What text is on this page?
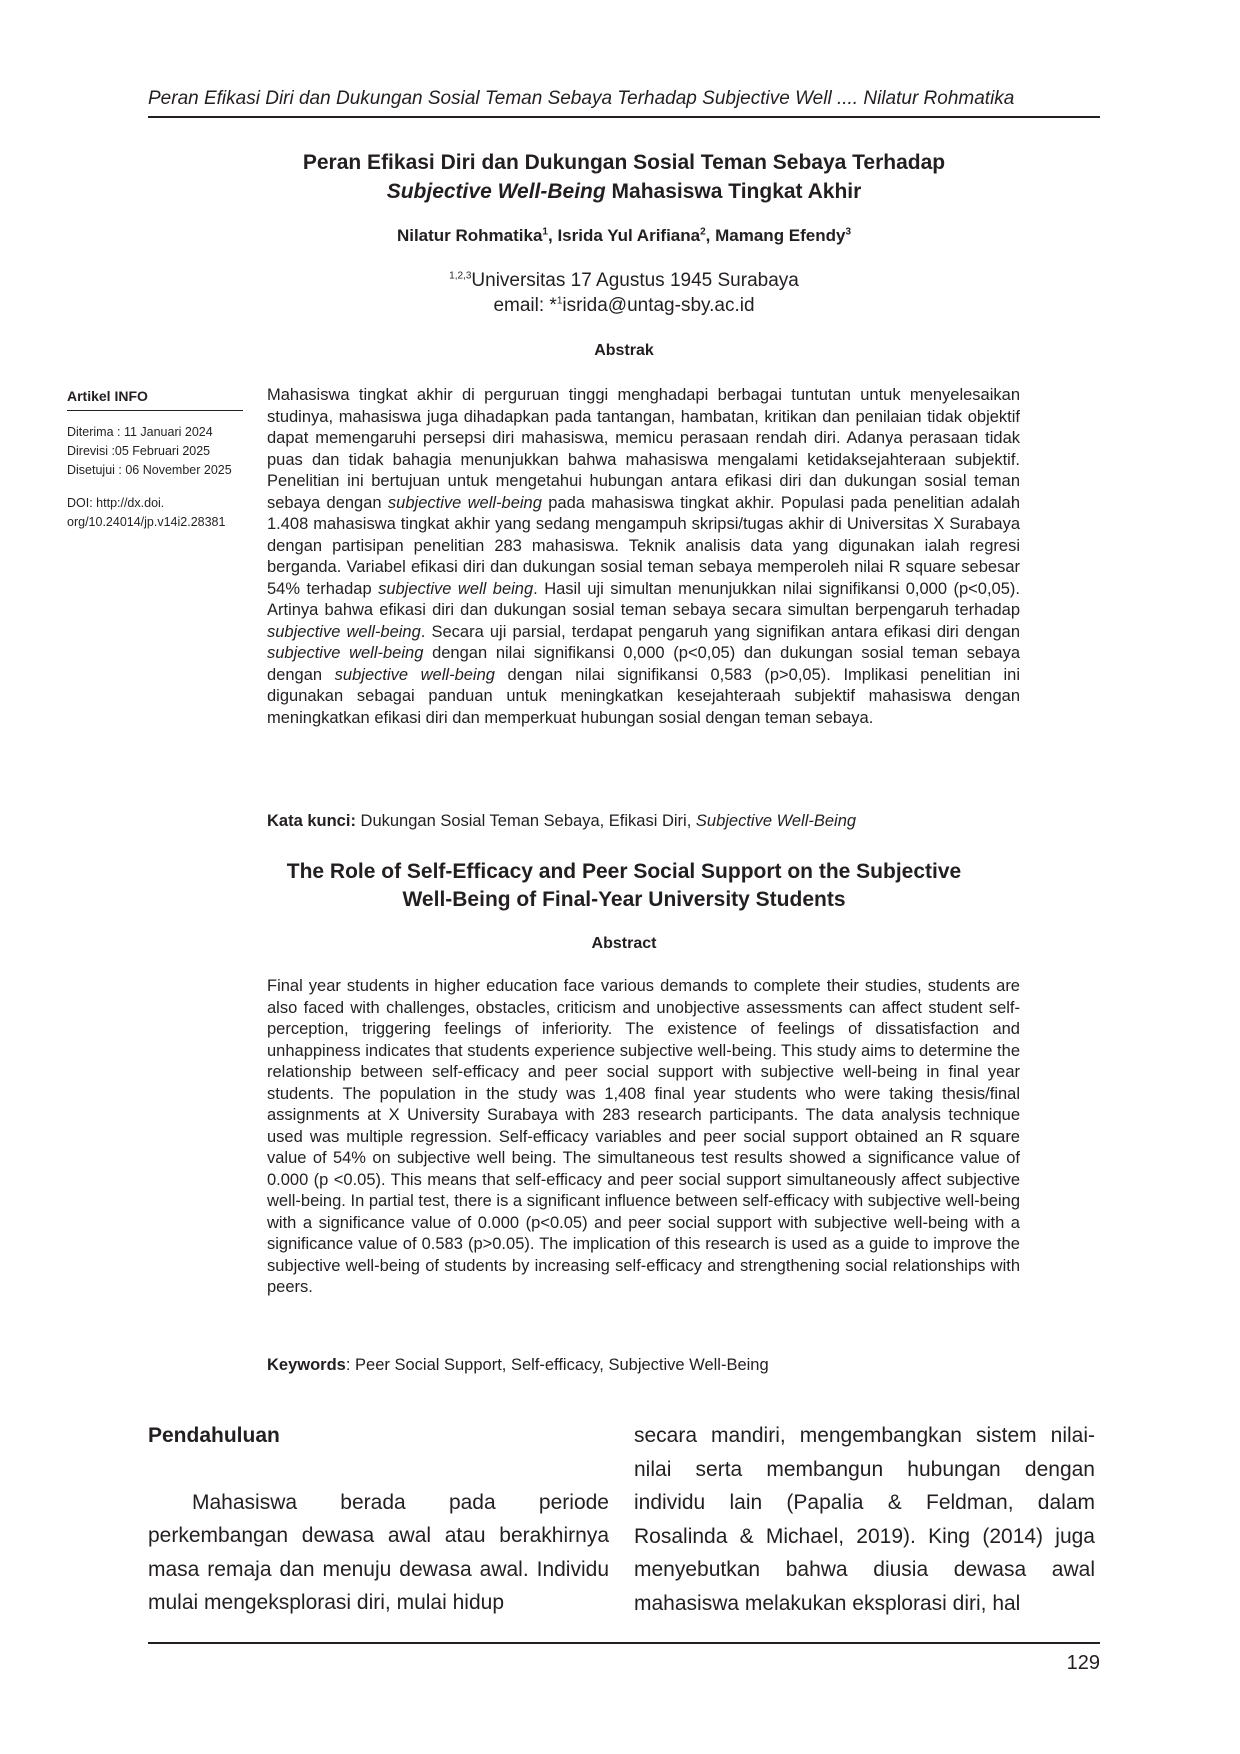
Peran Efikasi Diri dan Dukungan Sosial Teman Sebaya Terhadap Subjective Well .... Nilatur Rohmatika
Peran Efikasi Diri dan Dukungan Sosial Teman Sebaya Terhadap
Subjective Well-Being Mahasiswa Tingkat Akhir
Nilatur Rohmatika$^1$, Isrida Yul Arifiana$^2$, Mamang Efendy$^3$
$^{1,2,3}$Universitas 17 Agustus 1945 Surabaya
email: *$^1$isrida@untag-sby.ac.id
Abstrak
Artikel INFO
Diterima : 11 Januari 2024
Direvisi :05 Februari 2025
Disetujui : 06 November 2025
DOI: http://dx.doi.
org/10.24014/jp.v14i2.28381

Mahasiswa tingkat akhir di perguruan tinggi menghadapi berbagai tuntutan untuk menyelesaikan studinya, mahasiswa juga dihadapkan pada tantangan, hambatan, kritikan dan penilaian tidak objektif dapat memengaruhi persepsi diri mahasiswa, memicu perasaan rendah diri. Adanya perasaan tidak puas dan tidak bahagia menunjukkan bahwa mahasiswa mengalami ketidaksejahteraan subjektif. Penelitian ini bertujuan untuk mengetahui hubungan antara efikasi diri dan dukungan sosial teman sebaya dengan subjective well-being pada mahasiswa tingkat akhir. Populasi pada penelitian adalah 1.408 mahasiswa tingkat akhir yang sedang mengampuh skripsi/tugas akhir di Universitas X Surabaya dengan partisipan penelitian 283 mahasiswa. Teknik analisis data yang digunakan ialah regresi berganda. Variabel efikasi diri dan dukungan sosial teman sebaya memperoleh nilai R square sebesar 54% terhadap subjective well being. Hasil uji simultan menunjukkan nilai signifikansi 0,000 (p<0,05). Artinya bahwa efikasi diri dan dukungan sosial teman sebaya secara simultan berpengaruh terhadap subjective well-being. Secara uji parsial, terdapat pengaruh yang signifikan antara efikasi diri dengan subjective well-being dengan nilai signifikansi 0,000 (p<0,05) dan dukungan sosial teman sebaya dengan subjective well-being dengan nilai signifikansi 0,583 (p>0,05). Implikasi penelitian ini digunakan sebagai panduan untuk meningkatkan kesejahteraah subjektif mahasiswa dengan meningkatkan efikasi diri dan memperkuat hubungan sosial dengan teman sebaya.

Kata kunci: Dukungan Sosial Teman Sebaya, Efikasi Diri, Subjective Well-Being
The Role of Self-Efficacy and Peer Social Support on the Subjective
Well-Being of Final-Year University Students
Abstract

Final year students in higher education face various demands to complete their studies, students are also faced with challenges, obstacles, criticism and unobjective assessments can affect student self-perception, triggering feelings of inferiority. The existence of feelings of dissatisfaction and unhappiness indicates that students experience subjective well-being. This study aims to determine the relationship between self-efficacy and peer social support with subjective well-being in final year students. The population in the study was 1,408 final year students who were taking thesis/final assignments at X University Surabaya with 283 research participants. The data analysis technique used was multiple regression. Self-efficacy variables and peer social support obtained an R square value of 54% on subjective well being. The simultaneous test results showed a significance value of 0.000 (p <0.05). This means that self-efficacy and peer social support simultaneously affect subjective well-being. In partial test, there is a significant influence between self-efficacy with subjective well-being with a significance value of 0.000 (p<0.05) and peer social support with subjective well-being with a significance value of 0.583 (p>0.05). The implication of this research is used as a guide to improve the subjective well-being of students by increasing self-efficacy and strengthening social relationships with peers.

Keywords: Peer Social Support, Self-efficacy, Subjective Well-Being
Pendahuluan

Mahasiswa berada pada periode perkembangan dewasa awal atau berakhirnya masa remaja dan menuju dewasa awal. Individu mulai mengeksplorasi diri, mulai hidup

secara mandiri, mengembangkan sistem nilai-nilai serta membangun hubungan dengan individu lain (Papalia & Feldman, dalam Rosalinda & Michael, 2019). King (2014) juga menyebutkan bahwa diusia dewasa awal mahasiswa melakukan eksplorasi diri, hal

129
